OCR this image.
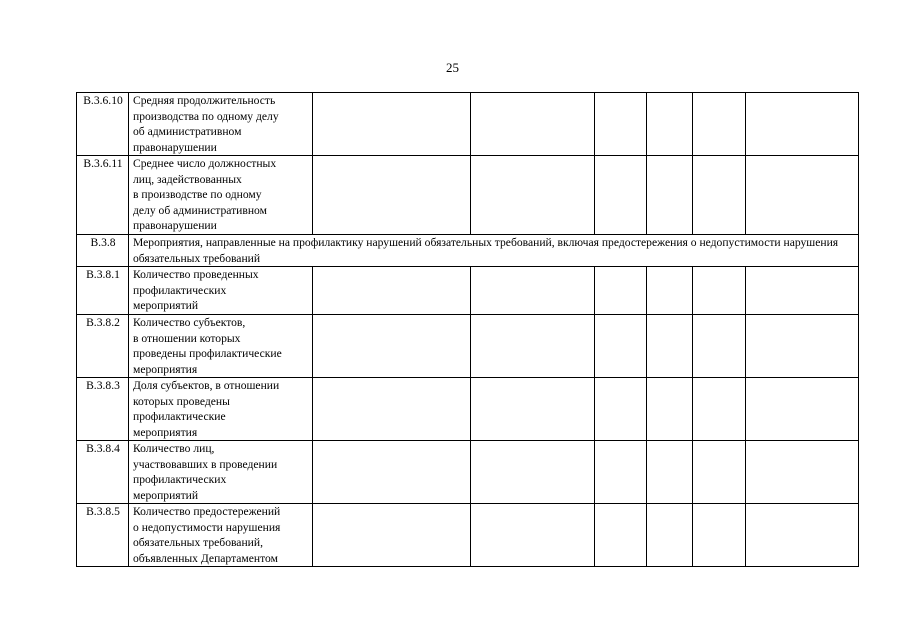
25
В.3.6.10	Средняя продолжительность
производства по одному делу
об административном
правонарушении						
В.3.6.11	Среднее число должностных
лиц, задействованных
в производстве по одному
делу об административном
правонарушении						
В.3.8	Мероприятия, направленные на профилактику нарушений обязательных требований, включая предостережения о недопустимости нарушения обязательных требований						
В.3.8.1	Количество проведенных
профилактических
мероприятий						
В.3.8.2	Количество субъектов,
в отношении которых
проведены профилактические
мероприятия						
В.3.8.3	Доля субъектов, в отношении
которых проведены
профилактические
мероприятия						
В.3.8.4	Количество лиц,
участвовавших в проведении
профилактических
мероприятий						
В.3.8.5	Количество предостережений
о недопустимости нарушения
обязательных требований,
объявленных Департаментом						
